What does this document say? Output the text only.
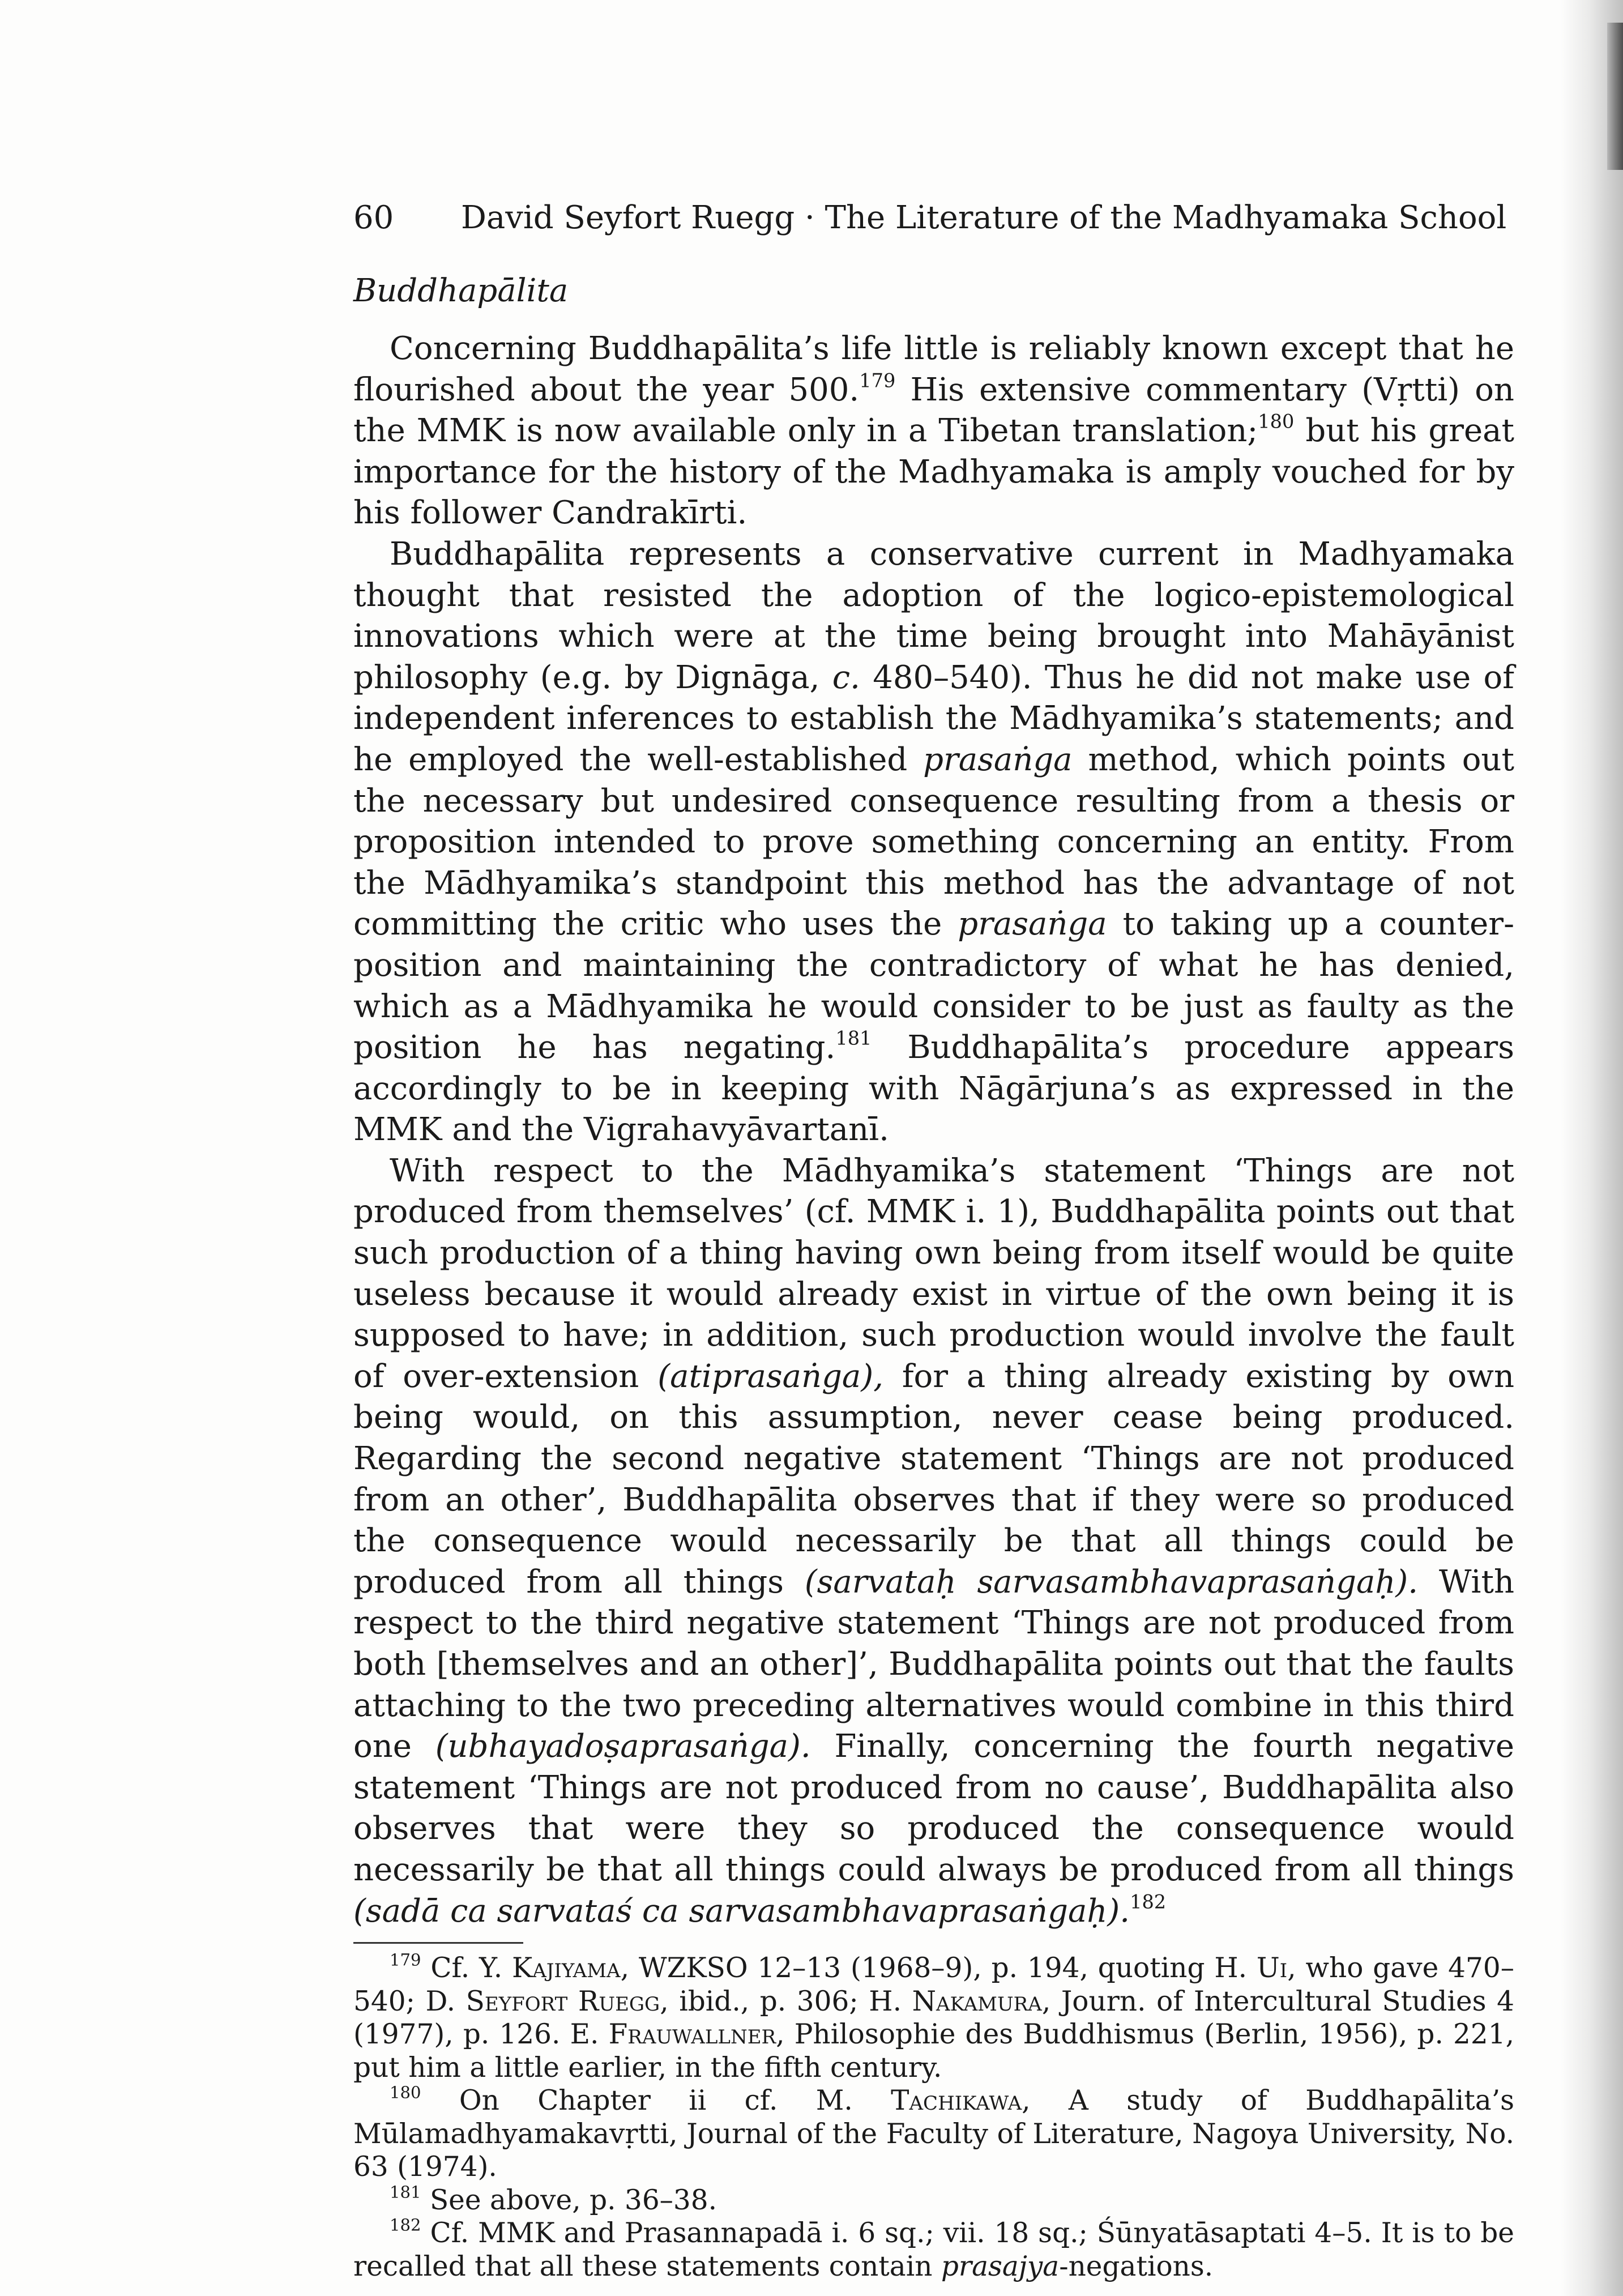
60 David Seyfort Ruegg · The Literature of the Madhyamaka School
Buddhapālita

Concerning Buddhapālita’s life little is reliably known except that he flourished about the year 500.$^{179}$ His extensive commentary (Vṛtti) on the MMK is now available only in a Tibetan translation;$^{180}$ but his great importance for the history of the Madhyamaka is amply vouched for by his follower Candrakīrti.

Buddhapālita represents a conservative current in Madhyamaka thought that resisted the adoption of the logico-epistemological innovations which were at the time being brought into Mahāyānist philosophy (e.g. by Dignāga, c. 480–540). Thus he did not make use of independent inferences to establish the Mādhyamika’s statements; and he employed the well-established prasaṅga method, which points out the necessary but undesired consequence resulting from a thesis or proposition intended to prove something concerning an entity. From the Mādhyamika’s standpoint this method has the advantage of not committing the critic who uses the prasaṅga to taking up a counter-position and maintaining the contradictory of what he has denied, which as a Mādhyamika he would consider to be just as faulty as the position he has negating.$^{181}$ Buddhapālita’s procedure appears accordingly to be in keeping with Nāgārjuna’s as expressed in the MMK and the Vigrahavyāvartanī.

With respect to the Mādhyamika’s statement ‘Things are not produced from themselves’ (cf. MMK i. 1), Buddhapālita points out that such production of a thing having own being from itself would be quite useless because it would already exist in virtue of the own being it is supposed to have; in addition, such production would involve the fault of over-extension (atiprasaṅga), for a thing already existing by own being would, on this assumption, never cease being produced. Regarding the second negative statement ‘Things are not produced from an other’, Buddhapālita observes that if they were so produced the consequence would necessarily be that all things could be produced from all things (sarvataḥ sarvasambhavaprasaṅgaḥ). With respect to the third negative statement ‘Things are not produced from both [themselves and an other]’, Buddhapālita points out that the faults attaching to the two preceding alternatives would combine in this third one (ubhayadoṣaprasaṅga). Finally, concerning the fourth negative statement ‘Things are not produced from no cause’, Buddhapālita also observes that were they so produced the consequence would necessarily be that all things could always be produced from all things (sadā ca sarvataś ca sarvasambhavaprasaṅgaḥ).$^{182}$

$^{179}$ Cf. Y. Kajiyama, WZKSO 12–13 (1968–9), p. 194, quoting H. Ui, who gave 470–540; D. Seyfort Ruegg, ibid., p. 306; H. Nakamura, Journ. of Intercultural Studies 4 (1977), p. 126. E. Frauwallner, Philosophie des Buddhismus (Berlin, 1956), p. 221, put him a little earlier, in the fifth century.

$^{180}$ On Chapter ii cf. M. Tachikawa, A study of Buddhapālita’s Mūlamadhyamakavṛtti, Journal of the Faculty of Literature, Nagoya University, No. 63 (1974).

$^{181}$ See above, p. 36–38.

$^{182}$ Cf. MMK and Prasannapadā i. 6 sq.; vii. 18 sq.; Śūnyatāsaptati 4–5. It is to be recalled that all these statements contain prasajya-negations.
